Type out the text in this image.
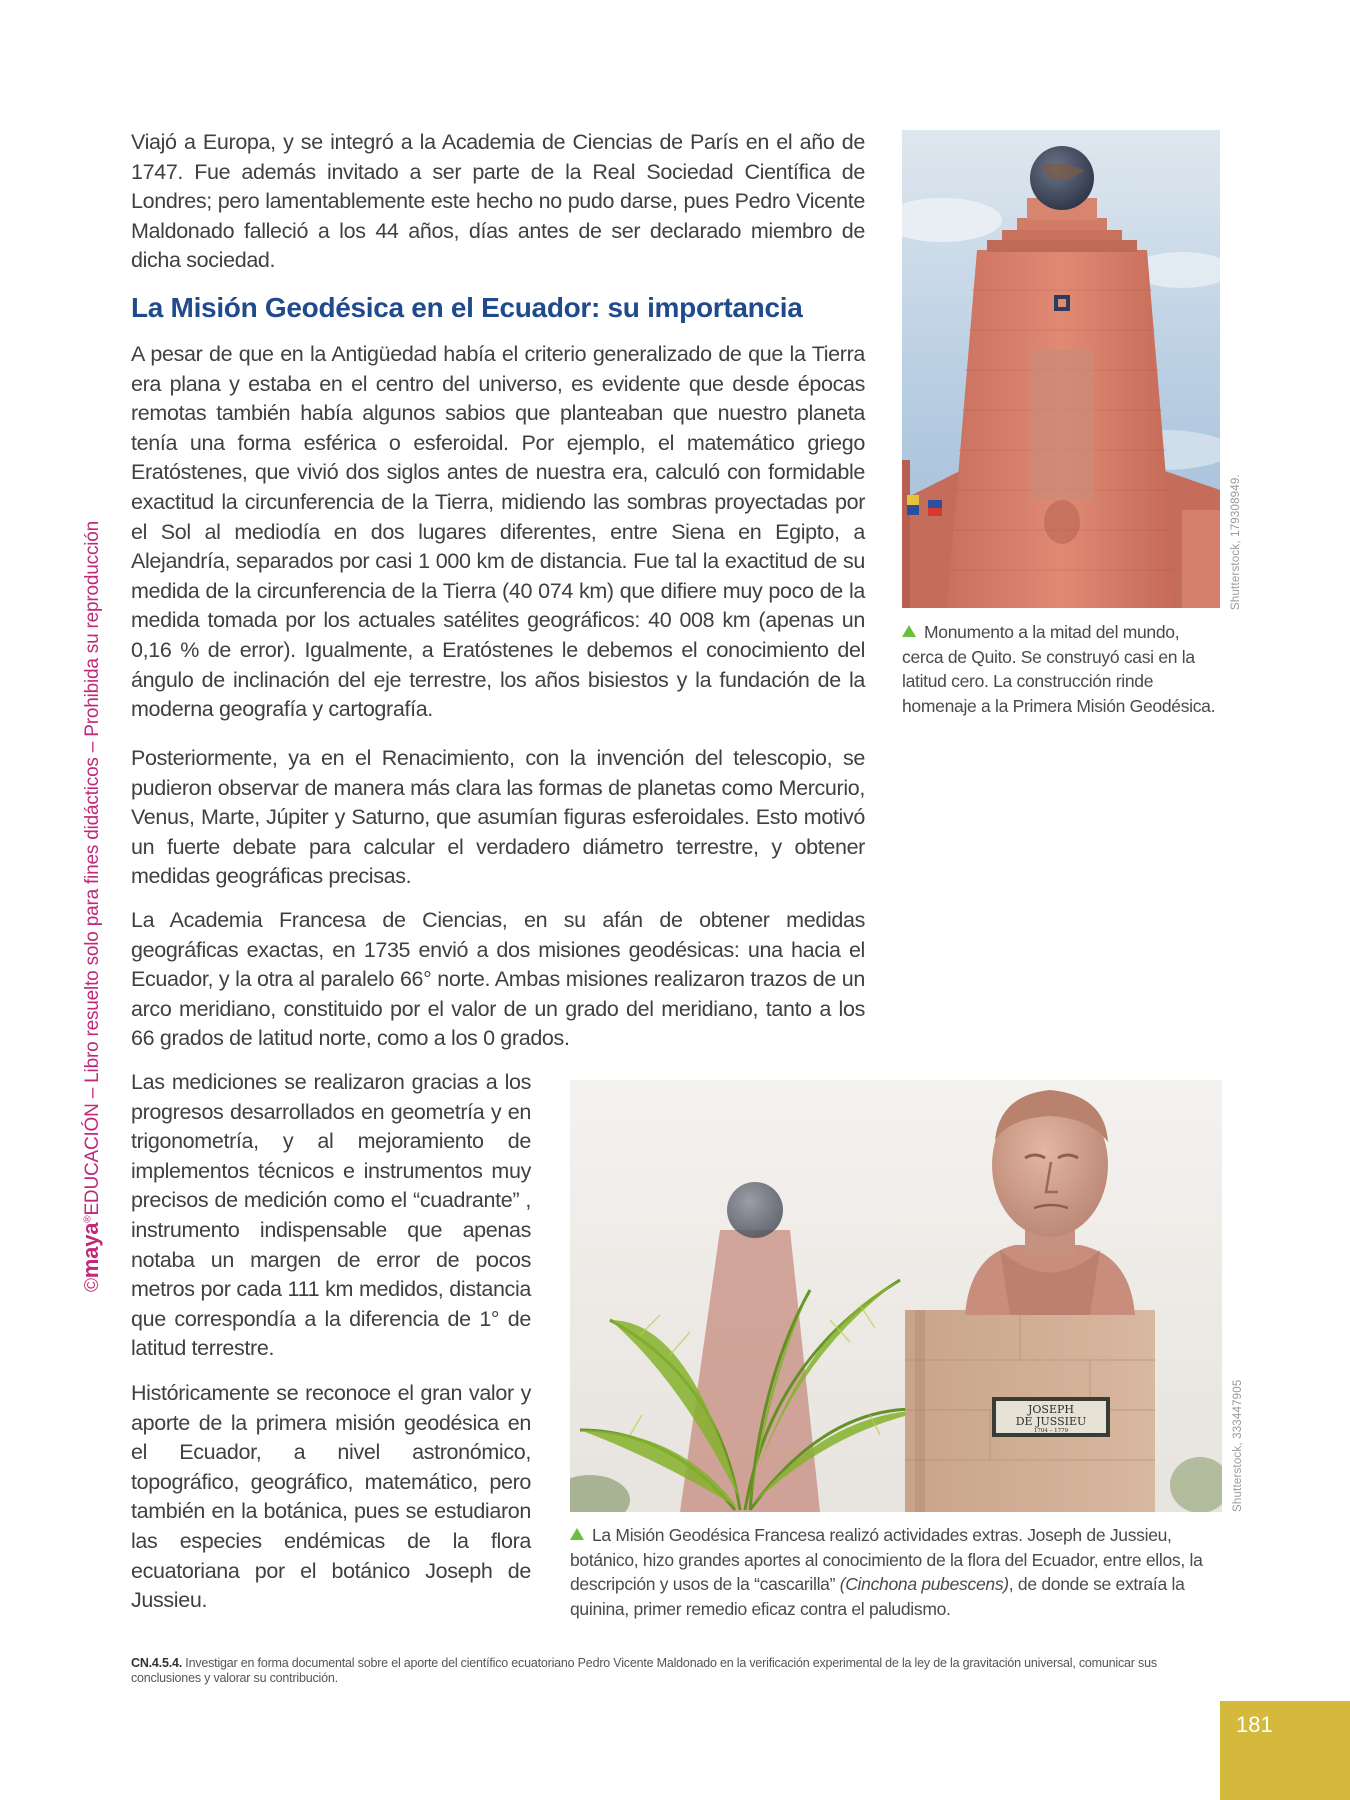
©maya®EDUCACIÓN – Libro resuelto solo para fines didácticos – Prohibida su reproducción

Viajó a Europa, y se integró a la Academia de Ciencias de París en el año de 1747. Fue además invitado a ser parte de la Real Sociedad Científica de Londres; pero lamentablemente este hecho no pudo darse, pues Pedro Vicente Maldonado falleció a los 44 años, días antes de ser declarado miembro de dicha sociedad.

La Misión Geodésica en el Ecuador: su importancia

A pesar de que en la Antigüedad había el criterio generalizado de que la Tierra era plana y estaba en el centro del universo, es evidente que desde épocas remotas también había algunos sabios que planteaban que nuestro planeta tenía una forma esférica o esferoidal. Por ejemplo, el matemático griego Eratóstenes, que vivió dos siglos antes de nuestra era, calculó con formidable exactitud la circunferencia de la Tierra, midiendo las sombras proyectadas por el Sol al mediodía en dos lugares diferentes, entre Siena en Egipto, a Alejandría, separados por casi 1 000 km de distancia. Fue tal la exactitud de su medida de la circunferencia de la Tierra (40 074 km) que difiere muy poco de la medida tomada por los actuales satélites geográficos: 40 008 km (apenas un 0,16 % de error). Igualmente, a Eratóstenes le debemos el conocimiento del ángulo de inclinación del eje terrestre, los años bisiestos y la fundación de la moderna geografía y cartografía.

Posteriormente, ya en el Renacimiento, con la invención del telescopio, se pudieron observar de manera más clara las formas de planetas como Mercurio, Venus, Marte, Júpiter y Saturno, que asumían figuras esferoidales. Esto motivó un fuerte debate para calcular el verdadero diámetro terrestre, y obtener medidas geográficas precisas.

La Academia Francesa de Ciencias, en su afán de obtener medidas geográficas exactas, en 1735 envió a dos misiones geodésicas: una hacia el Ecuador, y la otra al paralelo 66° norte. Ambas misiones realizaron trazos de un arco meridiano, constituido por el valor de un grado del meridiano, tanto a los 66 grados de latitud norte, como a los 0 grados.

Las mediciones se realizaron gracias a los progresos desarrollados en geometría y en trigonometría, y al mejoramiento de implementos técnicos e instrumentos muy precisos de medición como el “cuadrante” , instrumento indispensable que apenas notaba un margen de error de pocos metros por cada 111 km medidos, distancia que correspondía a la diferencia de 1° de latitud terrestre.

Históricamente se reconoce el gran valor y aporte de la primera misión geodésica en el Ecuador, a nivel astronómico, topográfico, geográfico, matemático, pero también en la botánica, pues se estudiaron las especies endémicas de la flora ecuatoriana por el botánico Joseph de Jussieu.

Shutterstock, 179308949.

Monumento a la mitad del mundo, cerca de Quito. Se construyó casi en la latitud cero. La construcción rinde homenaje a la Primera Misión Geodésica.

JOSEPH
DE JUSSIEU
1704 – 1779	Shutterstock, 333447905

La Misión Geodésica Francesa realizó actividades extras. Joseph de Jussieu, botánico, hizo grandes aportes al conocimiento de la flora del Ecuador, entre ellos, la descripción y usos de la “cascarilla” (Cinchona pubescens), de donde se extraía la quinina, primer remedio eficaz contra el paludismo.

CN.4.5.4. Investigar en forma documental sobre el aporte del científico ecuatoriano Pedro Vicente Maldonado en la verificación experimental de la ley de la gravitación universal, comunicar sus conclusiones y valorar su contribución.

181
